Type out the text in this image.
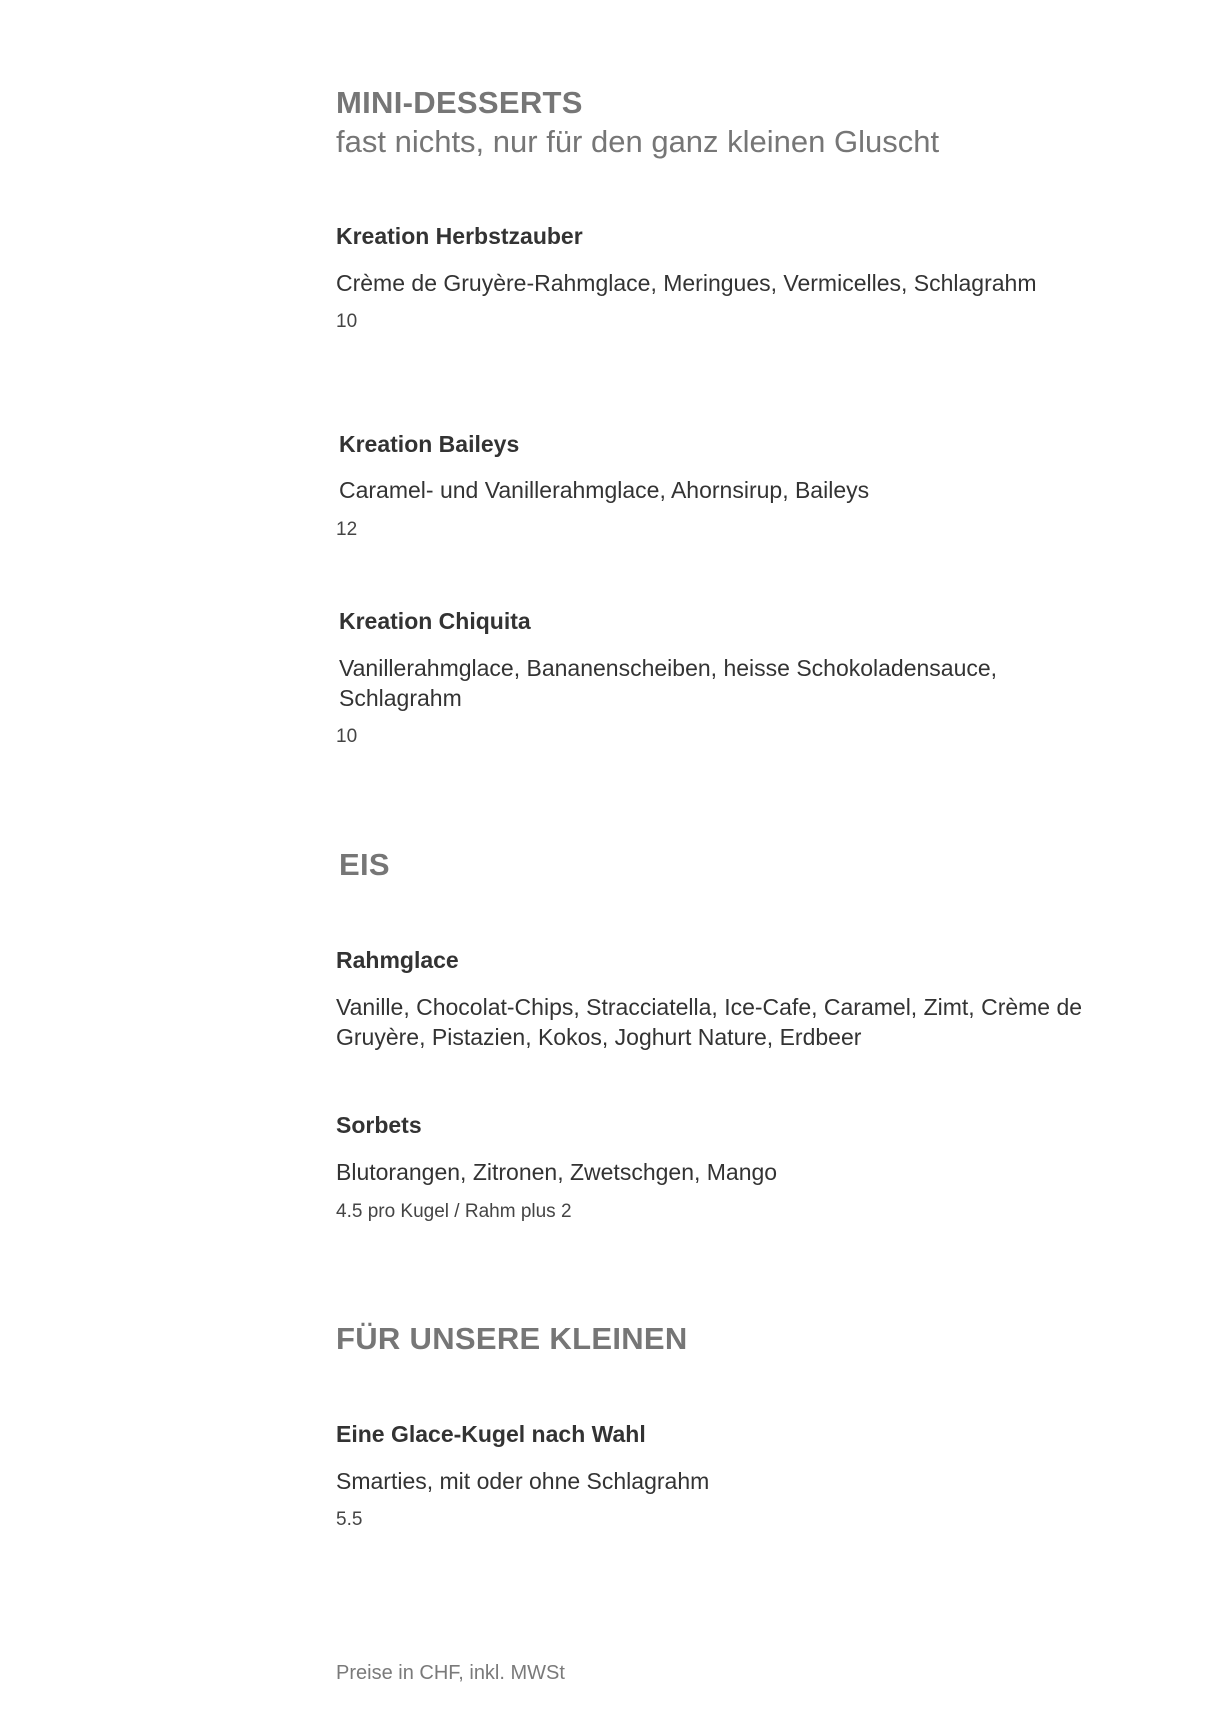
MINI-DESSERTS

fast nichts, nur für den ganz kleinen Gluscht

Kreation Herbstzauber

Crème de Gruyère-Rahmglace, Meringues, Vermicelles, Schlagrahm

10

Kreation Baileys

Caramel- und Vanillerahmglace, Ahornsirup, Baileys

12

Kreation Chiquita

Vanillerahmglace, Bananenscheiben, heisse Schokoladensauce, Schlagrahm

10

EIS

Rahmglace

Vanille, Chocolat-Chips, Stracciatella, Ice-Cafe, Caramel, Zimt, Crème de Gruyère, Pistazien, Kokos, Joghurt Nature, Erdbeer

Sorbets

Blutorangen, Zitronen, Zwetschgen, Mango

4.5 pro Kugel / Rahm plus 2

FÜR UNSERE KLEINEN

Eine Glace-Kugel nach Wahl

Smarties, mit oder ohne Schlagrahm

5.5

Preise in CHF, inkl. MWSt
